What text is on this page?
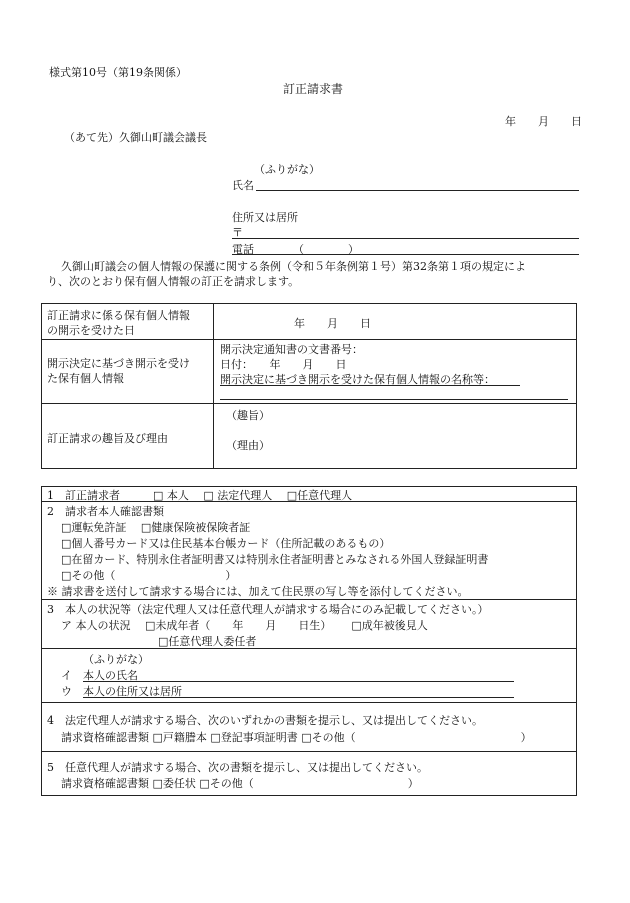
様式第10号（第19条関係）
訂正請求書
年　　月　　日
（あて先）久御山町議会議長
（ふりがな）
氏名
住所又は居所
〒
電話	（　　　　）
久御山町議会の個人情報の保護に関する条例（令和５年条例第１号）第32条第１項の規定によ
り、次のとおり保有個人情報の訂正を請求します。
訂正請求に係る保有個人情報
の開示を受けた日
年　　月　　日
開示決定に基づき開示を受け
た保有個人情報
開示決定通知書の文書番号：
日付：　　年　　月　　日
開示決定に基づき開示を受けた保有個人情報の名称等：
訂正請求の趣旨及び理由
（趣旨）
（理由）
1　訂正請求者　　　□ 本人　 □ 法定代理人　 □任意代理人
2　請求者本人確認書類
□運転免許証　 □健康保険被保険者証
□個人番号カード又は住民基本台帳カード（住所記載のあるもの）
□在留カード、特別永住者証明書又は特別永住者証明書とみなされる外国人登録証明書
□その他（　　　　　　　　　　）
※ 請求書を送付して請求する場合には、加えて住民票の写し等を添付してください。
3　本人の状況等（法定代理人又は任意代理人が請求する場合にのみ記載してください。）
ア 本人の状況　 □未成年者（　　年　　月　　日生）　　 □成年被後見人
□任意代理人委任者
（ふりがな）
イ　本人の氏名
ウ　本人の住所又は居所
4　法定代理人が請求する場合、次のいずれかの書類を提示し、又は提出してください。
請求資格確認書類 □戸籍謄本 □登記事項証明書 □その他（　　　　　　　　　　　　　　　）
5　任意代理人が請求する場合、次の書類を提示し、又は提出してください。
請求資格確認書類 □委任状 □その他（　　　　　　　　　　　　　　）
